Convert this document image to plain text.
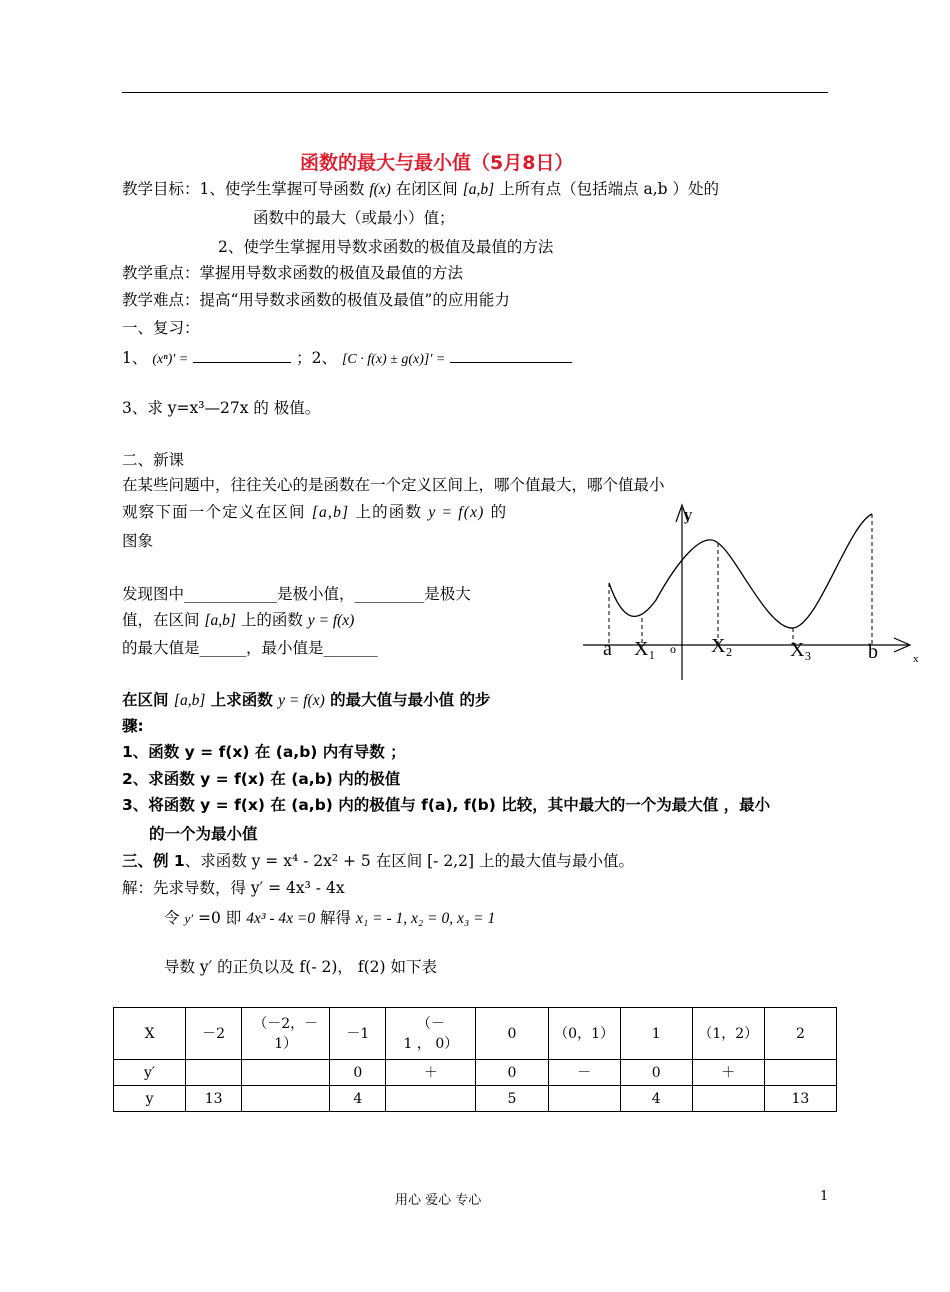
函数的最大与最小值（5月8日）
教学目标：1、使学生掌握可导函数 f(x) 在闭区间 [a,b] 上所有点（包括端点 a,b ）处的
函数中的最大（或最小）值；
2、使学生掌握用导数求函数的极值及最值的方法
教学重点：掌握用导数求函数的极值及最值的方法
教学难点：提高“用导数求函数的极值及最值”的应用能力
一、复习：
1、 (xⁿ)′ =	；2、 [C · f(x) ± g(x)]′ =
3、求 y=x³—27x 的 极值。
二、新课
在某些问题中，往往关心的是函数在一个定义区间上，哪个值最大，哪个值最小
观察下面一个定义在区间 [a,b] 上的函数 y = f(x) 的
图象
发现图中____________是极小值，_________是极大
值，在区间 [a,b] 上的函数 y = f(x)
的最大值是______，最小值是_______
y
x
o
a X₁	X₂	X₃	b
在区间 [a,b] 上求函数 y = f(x) 的最大值与最小值 的步
骤:
1、函数 y = f(x) 在 (a,b) 内有导数 ；
2、求函数 y = f(x) 在 (a,b) 内的极值
3、将函数 y = f(x) 在 (a,b) 内的极值与 f(a), f(b) 比较，其中最大的一个为最大值 ，最小
的一个为最小值
三、例 1、求函数 y = x⁴ - 2x² + 5 在区间 [- 2,2] 上的最大值与最小值。
解：先求导数，得 y′ = 4x³ - 4x
令 y′ =0 即 4x³ - 4x =0 解得 x₁ = - 1, x₂ = 0, x₃ = 1
导数 y′ 的正负以及 f(- 2)， f(2) 如下表
X	－2	（－2，－
1）	－1	（－
1 ， 0）	0	（0，1）	1	（1，2）	2
y′			0	＋	0	－	0	＋	
y	13		4		5		4		13
用心 爱心 专心	1
